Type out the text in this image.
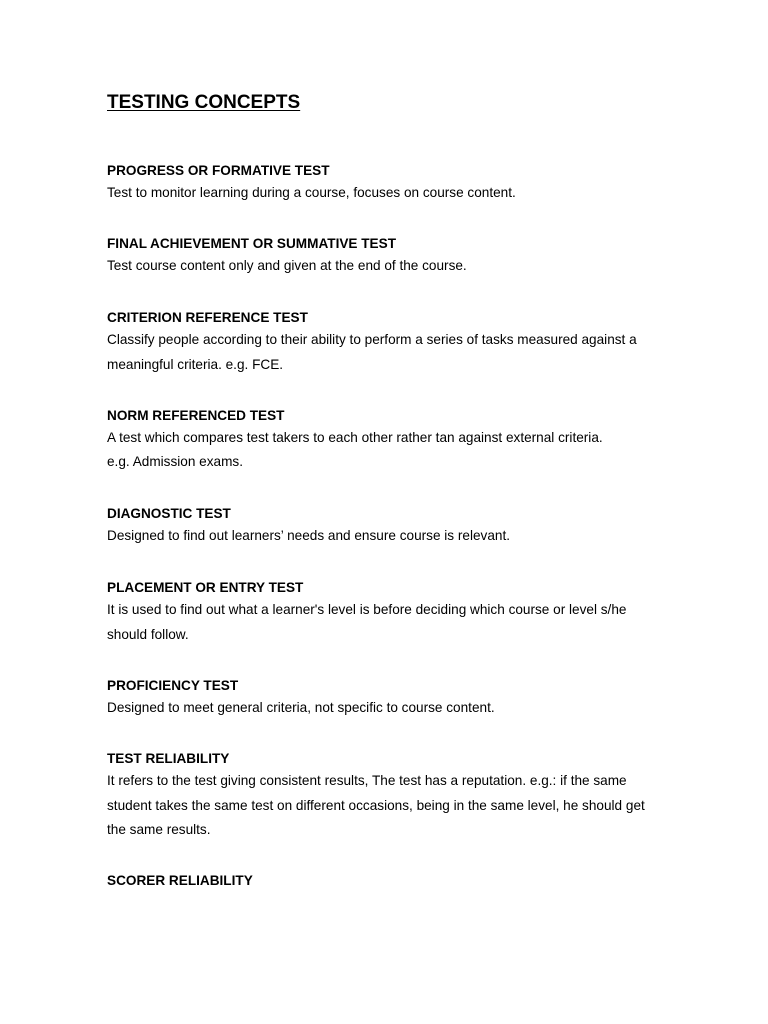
TESTING CONCEPTS

PROGRESS OR FORMATIVE TEST

Test to monitor learning during a course, focuses on course content.

FINAL ACHIEVEMENT OR SUMMATIVE TEST

Test course content only and given at the end of the course.

CRITERION REFERENCE TEST

Classify people according to their ability to perform a series of tasks measured against a

meaningful criteria. e.g. FCE.

NORM REFERENCED TEST

A test which compares test takers to each other rather tan against external criteria.

e.g. Admission exams.

DIAGNOSTIC TEST

Designed to find out learners’ needs and ensure course is relevant.

PLACEMENT OR ENTRY TEST

It is used to find out what a learner's level is before deciding which course or level s/he

should follow.

PROFICIENCY TEST

Designed to meet general criteria, not specific to course content.

TEST RELIABILITY

It refers to the test giving consistent results, The test has a reputation. e.g.: if the same

student takes the same test on different occasions, being in the same level, he should get

the same results.

SCORER RELIABILITY
